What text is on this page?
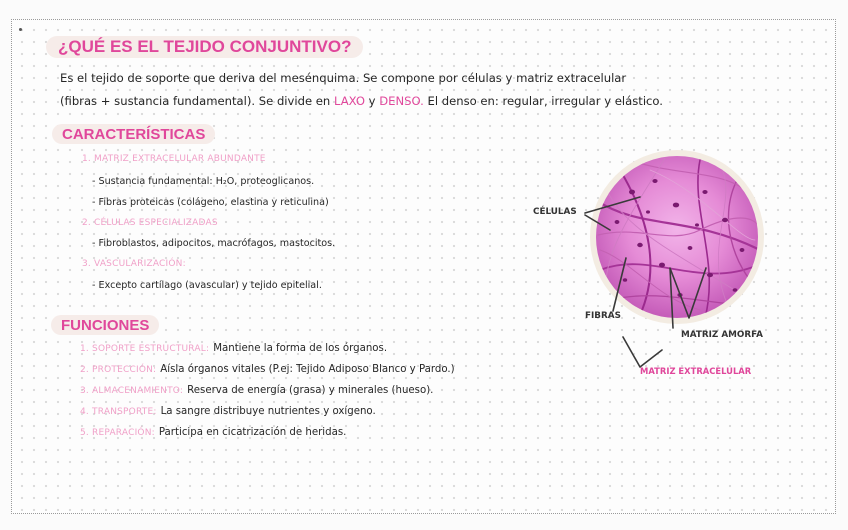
¿QUÉ ES EL TEJIDO CONJUNTIVO?
Es el tejido de soporte que deriva del mesénquima. Se compone por células y matriz extracelular
(fibras + sustancia fundamental). Se divide en LAXO y DENSO. El denso en: regular, irregular y elástico.
CARACTERÍSTICAS
1. MATRIZ EXTRACELULAR ABUNDANTE
- Sustancia fundamental: H₂O, proteoglicanos.
- Fibras proteicas (colágeno, elastina y reticulina)
2. CÉLULAS ESPECIALIZADAS
- Fibroblastos, adipocitos, macrófagos, mastocitos.
3. VASCULARIZACIÓN:
- Excepto cartílago (avascular) y tejido epitelial.
FUNCIONES
1. SOPORTE ESTRUCTURAL: Mantiene la forma de los órganos.
2. PROTECCIÓN: Aísla órganos vitales (P.ej: Tejido Adiposo Blanco y Pardo.)
3. ALMACENAMIENTO: Reserva de energía (grasa) y minerales (hueso).
4. TRANSPORTE: La sangre distribuye nutrientes y oxígeno.
5. REPARACIÓN: Participa en cicatrización de heridas.
CÉLULAS
FIBRAS
MATRIZ AMORFA
MATRIZ EXTRACELULAR
